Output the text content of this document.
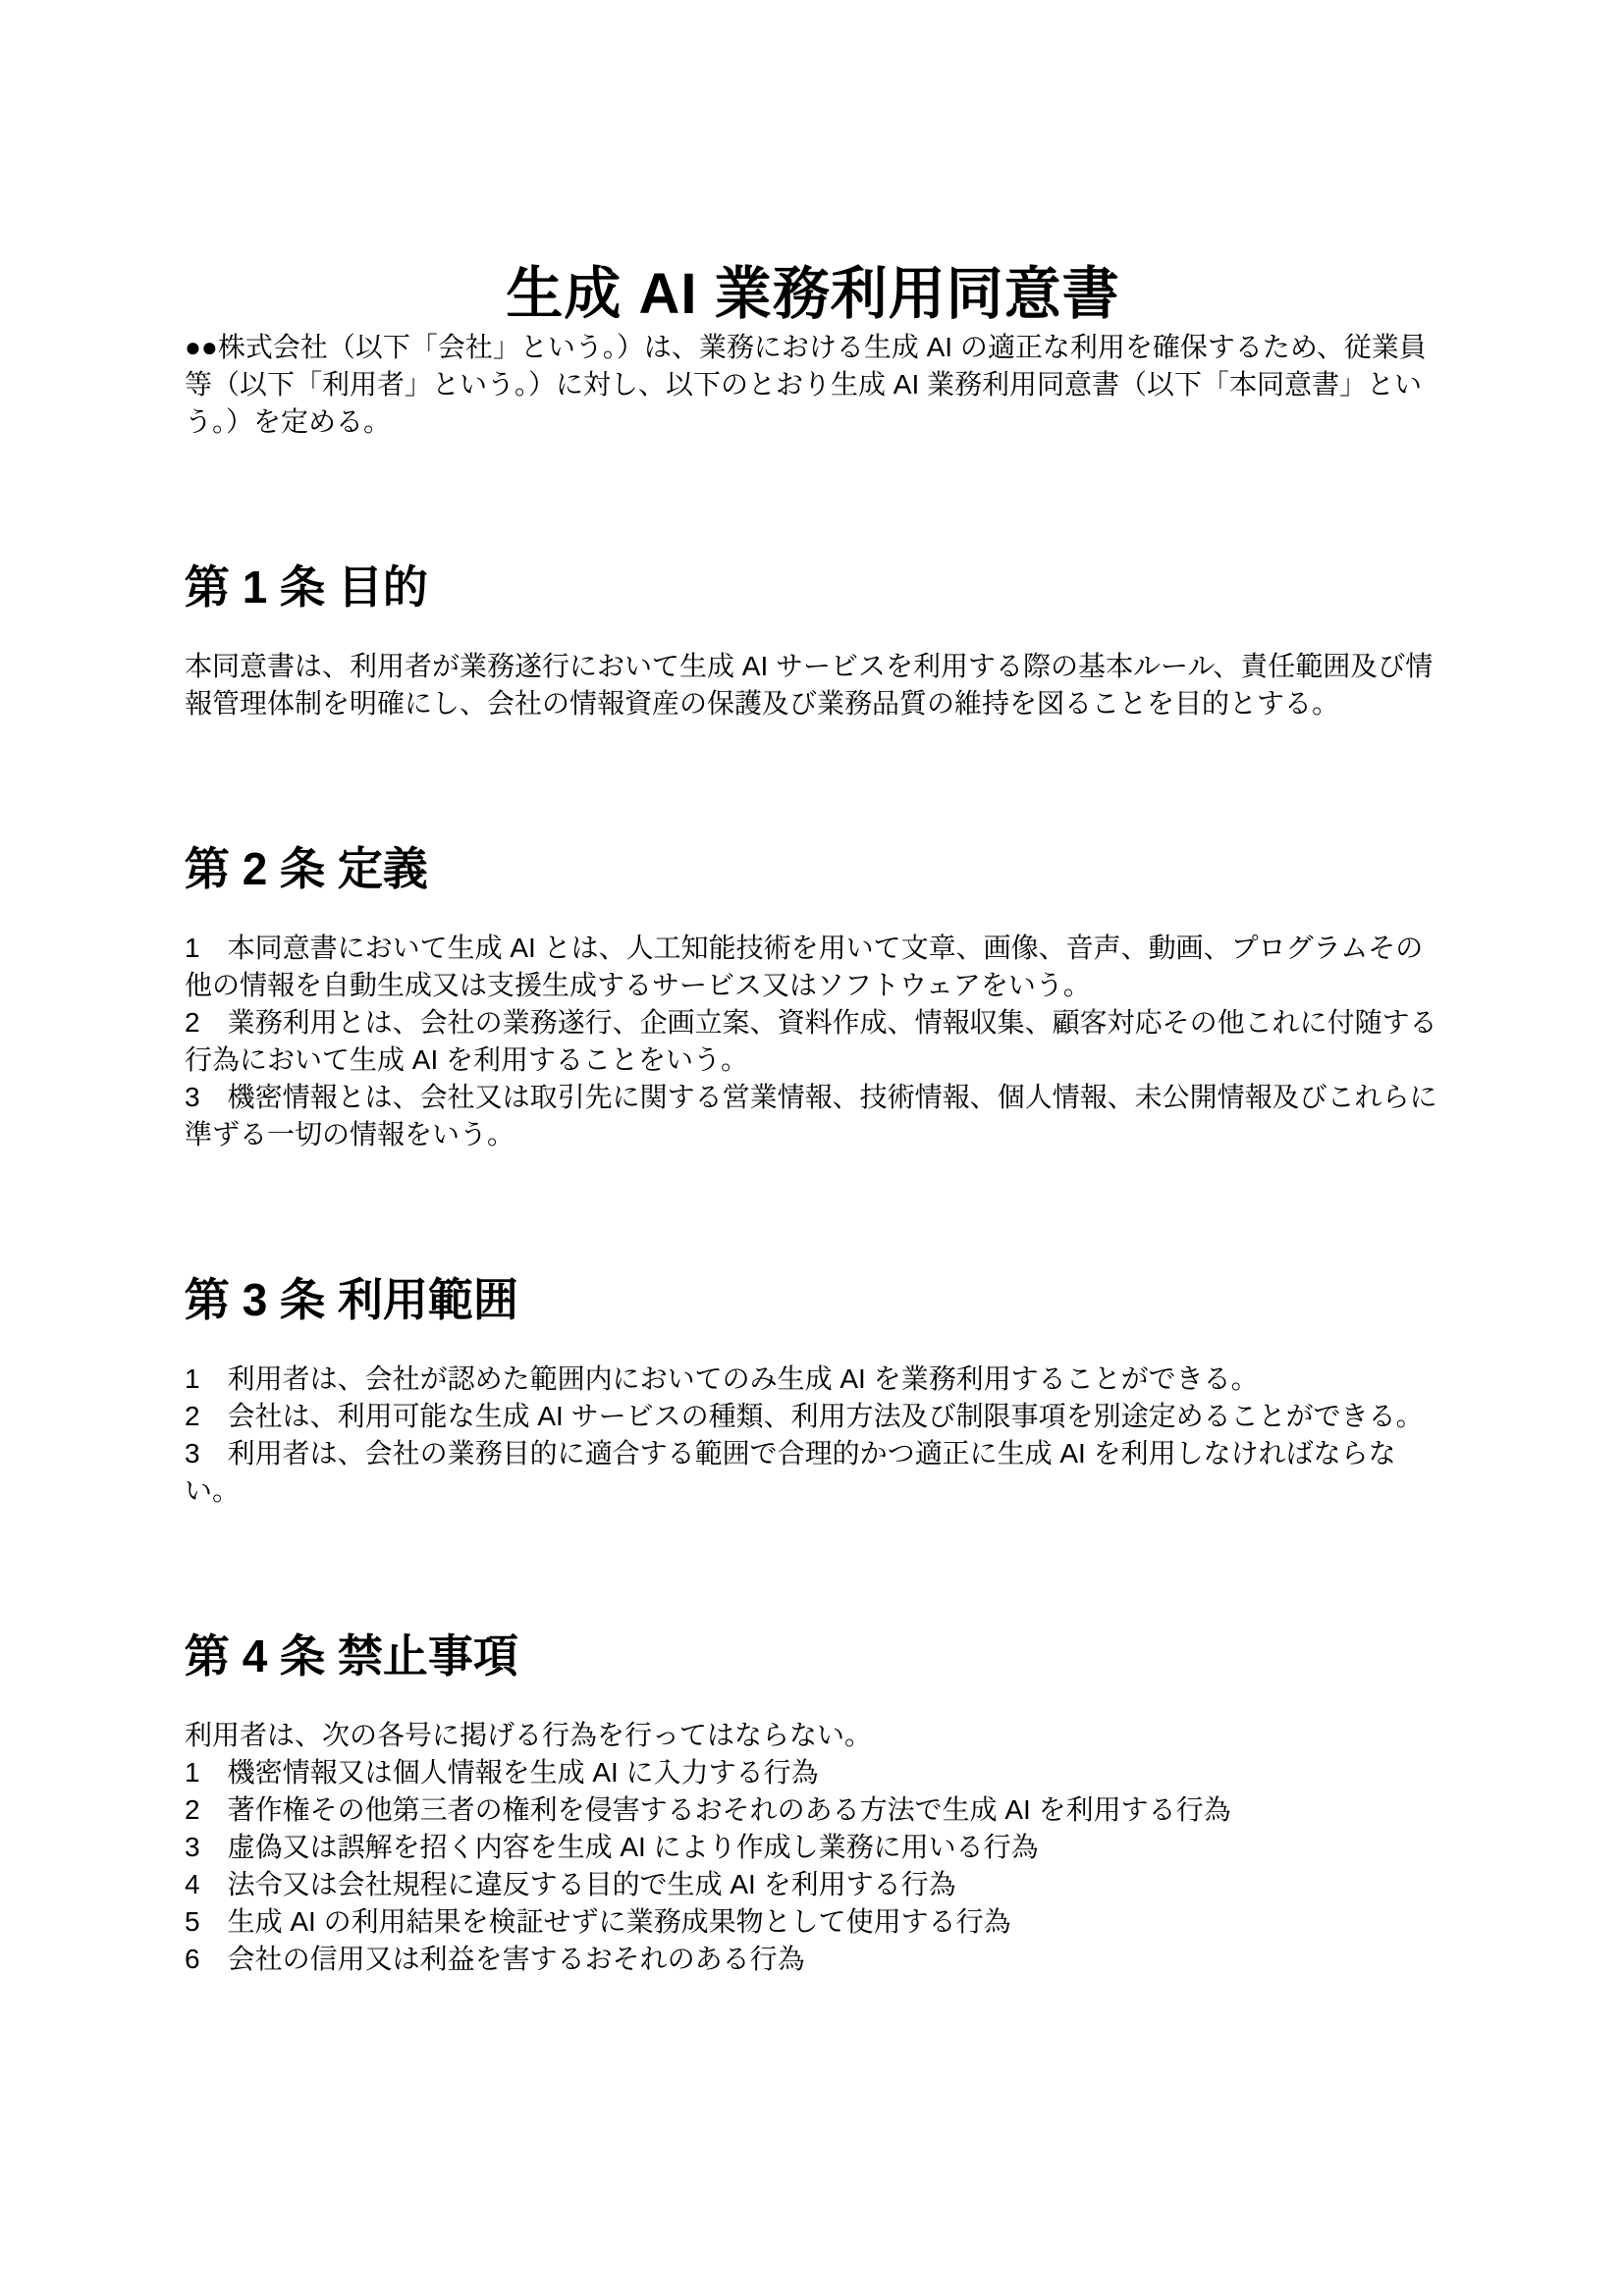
生成 AI 業務利用同意書

●●株式会社（以下「会社」という。）は、業務における生成 AI の適正な利用を確保するため、従業員等（以下「利用者」という。）に対し、以下のとおり生成 AI 業務利用同意書（以下「本同意書」という。）を定める。

第 1 条 目的

本同意書は、利用者が業務遂行において生成 AI サービスを利用する際の基本ルール、責任範囲及び情報管理体制を明確にし、会社の情報資産の保護及び業務品質の維持を図ることを目的とする。

第 2 条 定義

1　本同意書において生成 AI とは、人工知能技術を用いて文章、画像、音声、動画、プログラムその他の情報を自動生成又は支援生成するサービス又はソフトウェアをいう。

2　業務利用とは、会社の業務遂行、企画立案、資料作成、情報収集、顧客対応その他これに付随する行為において生成 AI を利用することをいう。

3　機密情報とは、会社又は取引先に関する営業情報、技術情報、個人情報、未公開情報及びこれらに準ずる一切の情報をいう。

第 3 条 利用範囲

1　利用者は、会社が認めた範囲内においてのみ生成 AI を業務利用することができる。

2　会社は、利用可能な生成 AI サービスの種類、利用方法及び制限事項を別途定めることができる。

3　利用者は、会社の業務目的に適合する範囲で合理的かつ適正に生成 AI を利用しなければならない。

第 4 条 禁止事項

利用者は、次の各号に掲げる行為を行ってはならない。

1　機密情報又は個人情報を生成 AI に入力する行為

2　著作権その他第三者の権利を侵害するおそれのある方法で生成 AI を利用する行為

3　虚偽又は誤解を招く内容を生成 AI により作成し業務に用いる行為

4　法令又は会社規程に違反する目的で生成 AI を利用する行為

5　生成 AI の利用結果を検証せずに業務成果物として使用する行為

6　会社の信用又は利益を害するおそれのある行為
